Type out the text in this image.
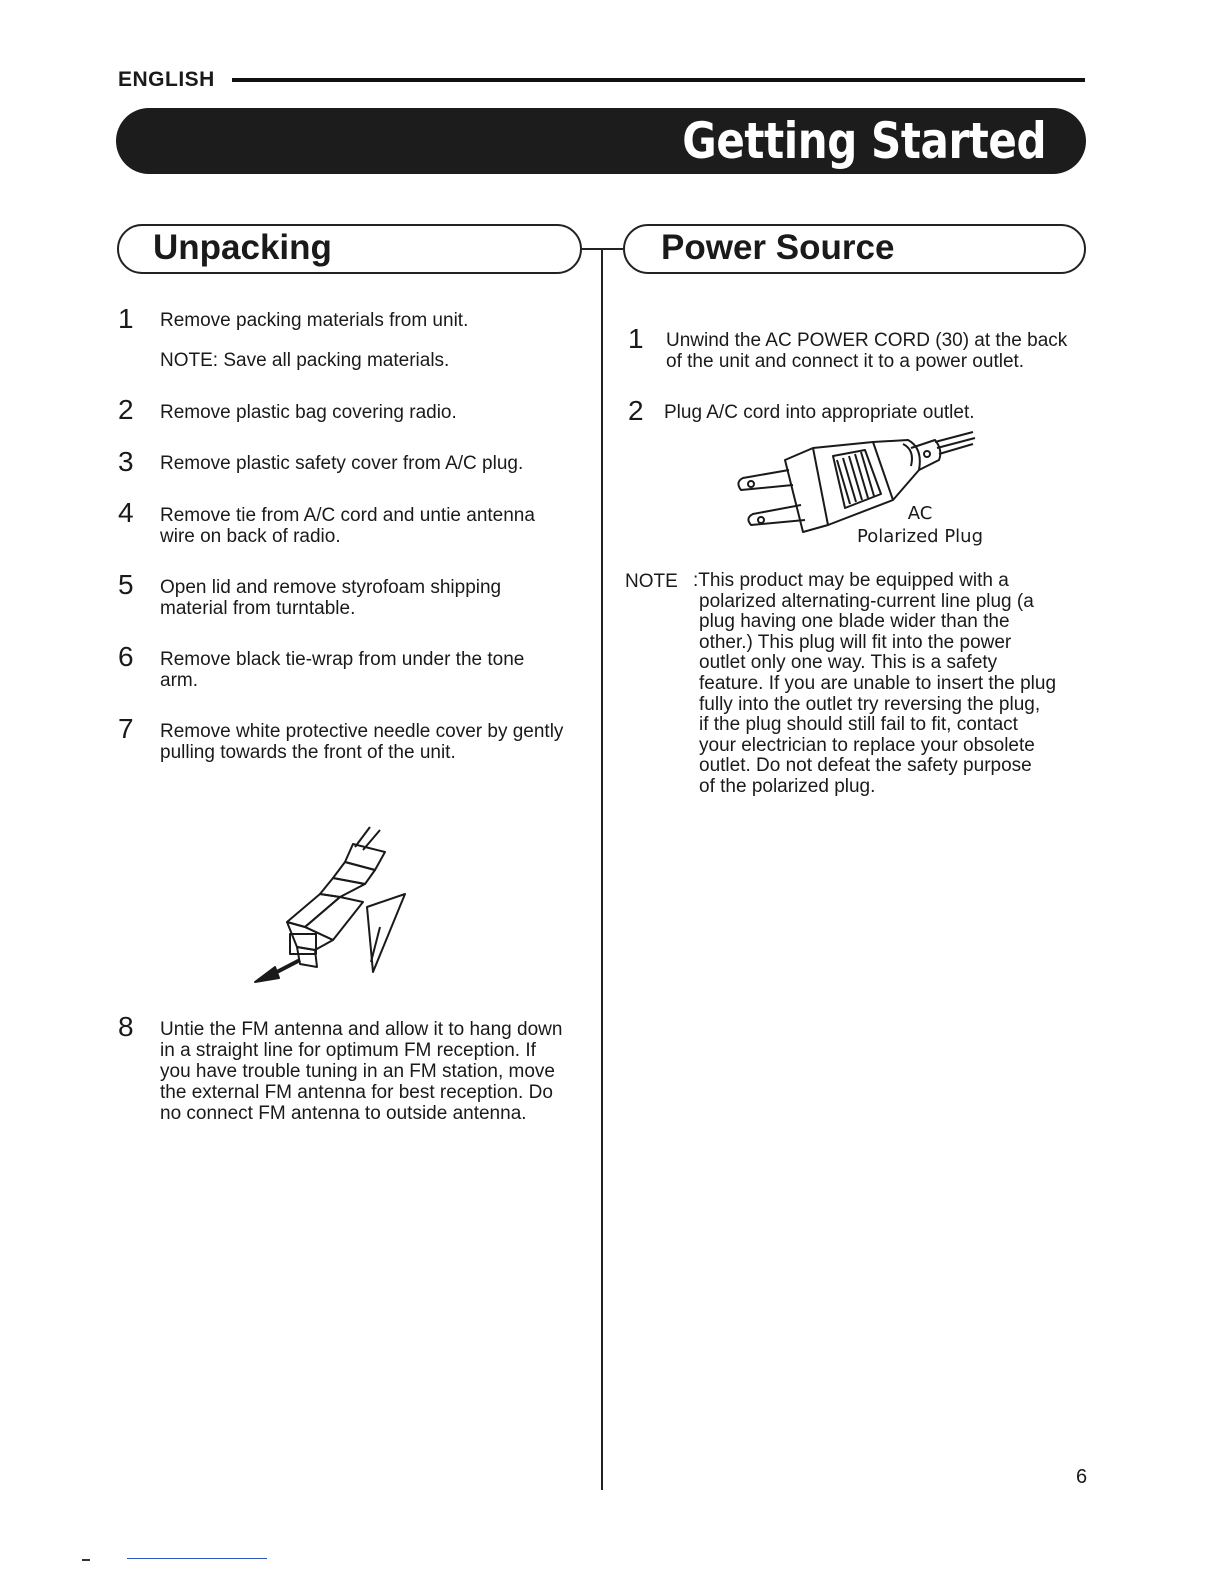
ENGLISH
Getting Started
Unpacking	Power Source
1 Remove packing materials from unit.
NOTE: Save all packing materials.
2 Remove plastic bag covering radio.
3 Remove plastic safety cover from A/C plug.
4 Remove tie from A/C cord and untie antenna
wire on back of radio.
5 Open lid and remove styrofoam shipping
material from turntable.
6 Remove black tie-wrap from under the tone
arm.
7 Remove white protective needle cover by gently
pulling towards the front of the unit.
8 Untie the FM antenna and allow it to hang down
in a straight line for optimum FM reception. If
you have trouble tuning in an FM station, move
the external FM antenna for best reception. Do
no connect FM antenna to outside antenna.
1 Unwind the AC POWER CORD (30) at the back
of the unit and connect it to a power outlet.
2 Plug A/C cord into appropriate outlet.
AC
Polarized Plug
NOTE :This product may be equipped with a
polarized alternating-current line plug (a
plug having one blade wider than the
other.) This plug will fit into the power
outlet only one way. This is a safety
feature. If you are unable to insert the plug
fully into the outlet try reversing the plug,
if the plug should still fail to fit, contact
your electrician to replace your obsolete
outlet. Do not defeat the safety purpose
of the polarized plug.
6
